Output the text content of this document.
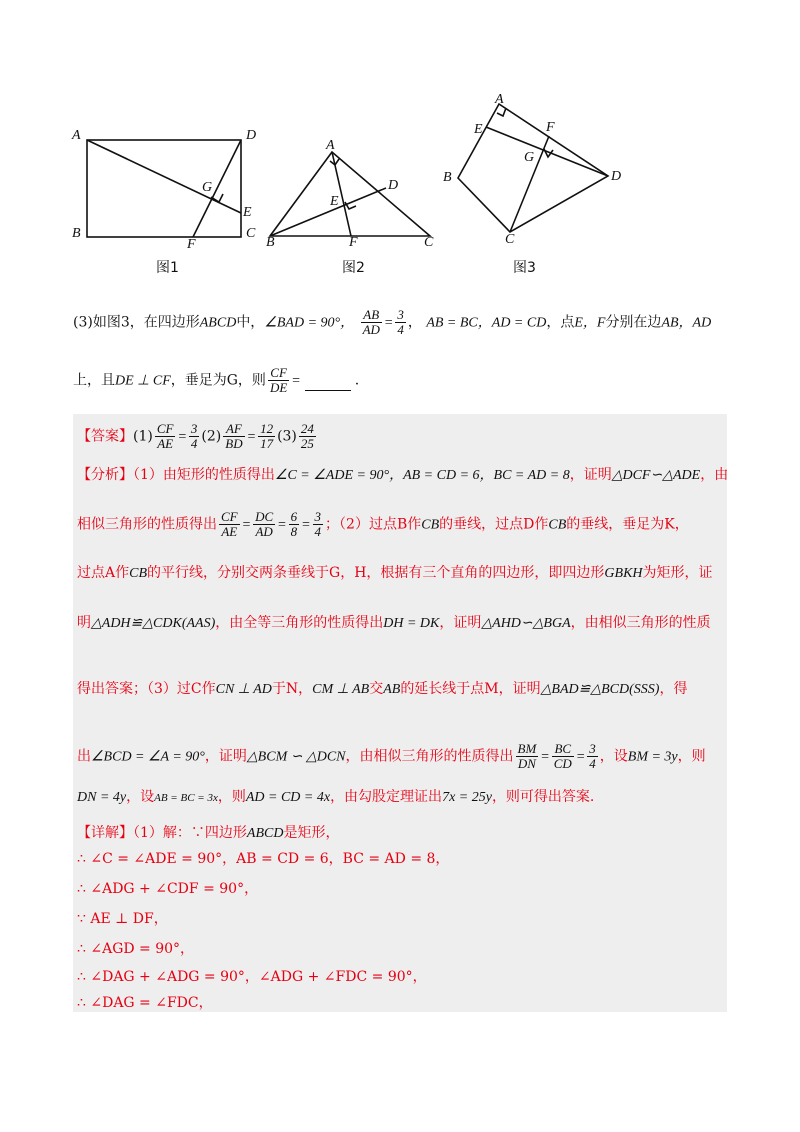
A	D
B	C
E
F
G
图1
A
B	C
D
E
F
图2
A
B
C
D
E	F
G
图3
(3)如图3，在四边形ABCD中，∠BAD = 90°， $\frac{AB}{AD} = \frac{3}{4}$ ， AB = BC，AD = CD，点E，F分别在边AB，AD
上，且DE ⊥ CF，垂足为G，则 $\frac{CF}{DE}$ =	.
【答案】$(1) \frac{CF}{AE} = \frac{3}{4} (2) \frac{AF}{BD} = \frac{12}{17} (3) \frac{24}{25}$
【分析】（1）由矩形的性质得出∠C = ∠ADE = 90°，AB = CD = 6，BC = AD = 8，证明△DCF∽△ADE，由
相似三角形的性质得出 $\frac{CF}{AE} = \frac{DC}{AD} = \frac{6}{8} = \frac{3}{4}$ ；（2）过点B作CB的垂线，过点D作CB的垂线，垂足为K，
过点A作CB的平行线，分别交两条垂线于G，H，根据有三个直角的四边形，即四边形GBKH为矩形，证
明△ADH≌△CDK(AAS)，由全等三角形的性质得出DH = DK，证明△AHD∽△BGA，由相似三角形的性质
得出答案；（3）过C作CN ⊥ AD于N，CM ⊥ AB交AB的延长线于点M，证明△BAD≌△BCD(SSS)，得
出∠BCD = ∠A = 90°，证明△BCM ∽ △DCN，由相似三角形的性质得出 $\frac{BM}{DN} = \frac{BC}{CD} = \frac{3}{4}$ ，设BM = 3y，则
DN = 4y，设AB = BC = 3x，则AD = CD = 4x，由勾股定理证出7x = 25y，则可得出答案.
【详解】（1）解：∵四边形ABCD是矩形，
∴ ∠C = ∠ADE = 90°，AB = CD = 6，BC = AD = 8，
∴ ∠ADG + ∠CDF = 90°，
∵ AE ⊥ DF，
∴ ∠AGD = 90°，
∴ ∠DAG + ∠ADG = 90°，∠ADG + ∠FDC = 90°，
∴ ∠DAG = ∠FDC，
